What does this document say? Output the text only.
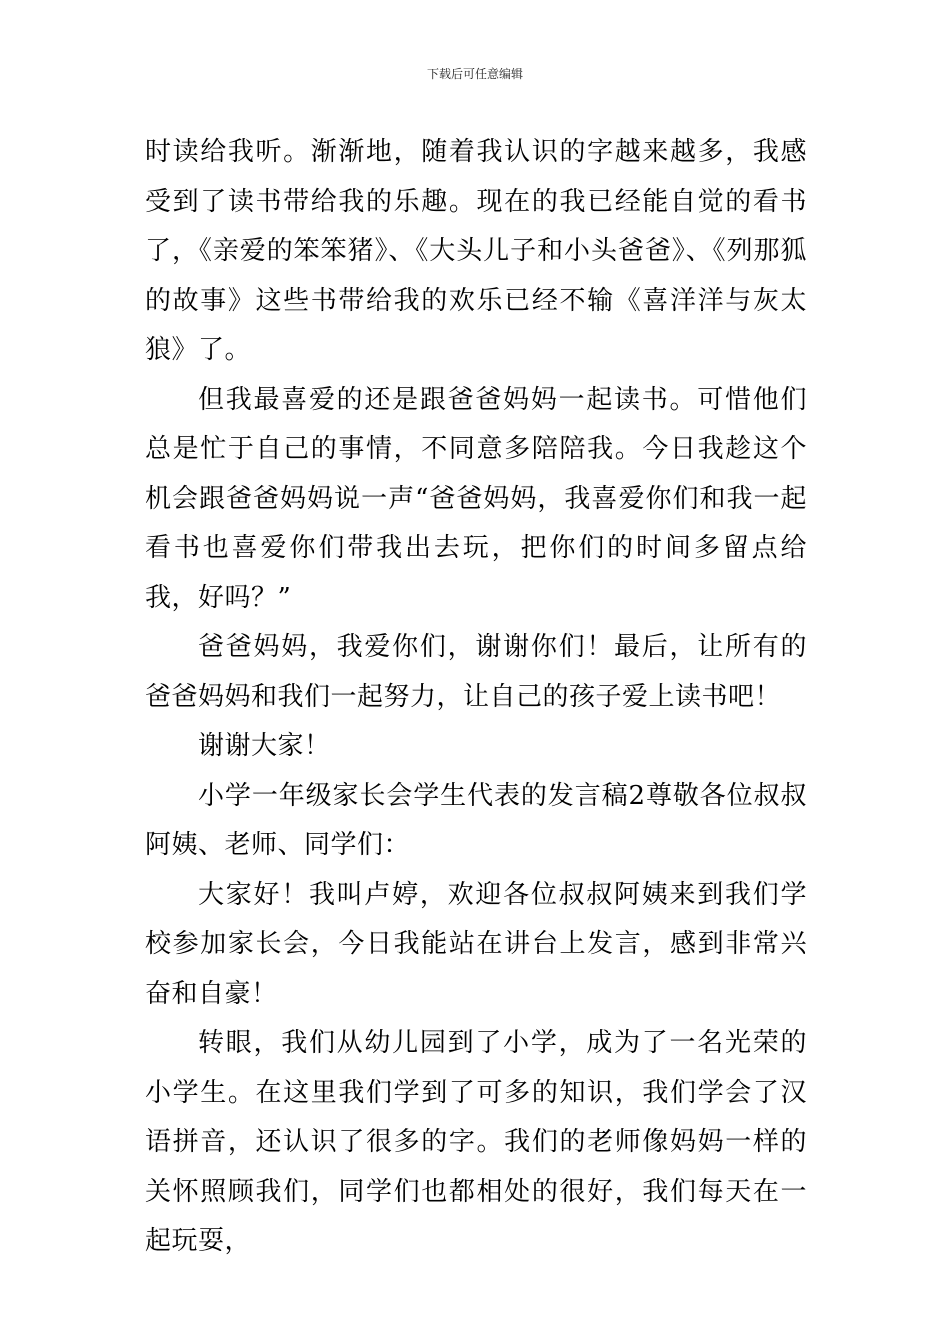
下载后可任意编辑

时读给我听。渐渐地，随着我认识的字越来越多，我感受到了读书带给我的乐趣。现在的我已经能自觉的看书了，《亲爱的笨笨猪》、《大头儿子和小头爸爸》、《列那狐的故事》这些书带给我的欢乐已经不输《喜洋洋与灰太狼》了。

但我最喜爱的还是跟爸爸妈妈一起读书。可惜他们总是忙于自己的事情，不同意多陪陪我。今日我趁这个机会跟爸爸妈妈说一声“爸爸妈妈，我喜爱你们和我一起看书也喜爱你们带我出去玩，把你们的时间多留点给我，好吗？”

爸爸妈妈，我爱你们，谢谢你们！最后，让所有的爸爸妈妈和我们一起努力，让自己的孩子爱上读书吧！

谢谢大家！

小学一年级家长会学生代表的发言稿2尊敬各位叔叔阿姨、老师、同学们：

大家好！我叫卢婷，欢迎各位叔叔阿姨来到我们学校参加家长会，今日我能站在讲台上发言，感到非常兴奋和自豪！

转眼，我们从幼儿园到了小学，成为了一名光荣的小学生。在这里我们学到了可多的知识，我们学会了汉语拼音，还认识了很多的字。我们的老师像妈妈一样的关怀照顾我们，同学们也都相处的很好，我们每天在一起玩耍，
